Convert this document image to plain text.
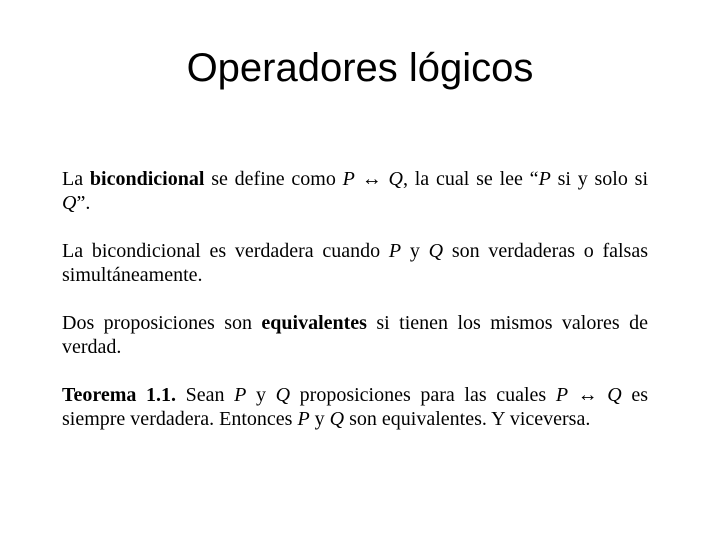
Operadores lógicos

La bicondicional se define como P ↔ Q, la cual se lee “P si y solo si Q”.

La bicondicional es verdadera cuando P y Q son verdaderas o falsas simultáneamente.

Dos proposiciones son equivalentes si tienen los mismos valores de verdad.

Teorema 1.1. Sean P y Q proposiciones para las cuales P ↔ Q es siempre verdadera. Entonces P y Q son equivalentes. Y viceversa.
